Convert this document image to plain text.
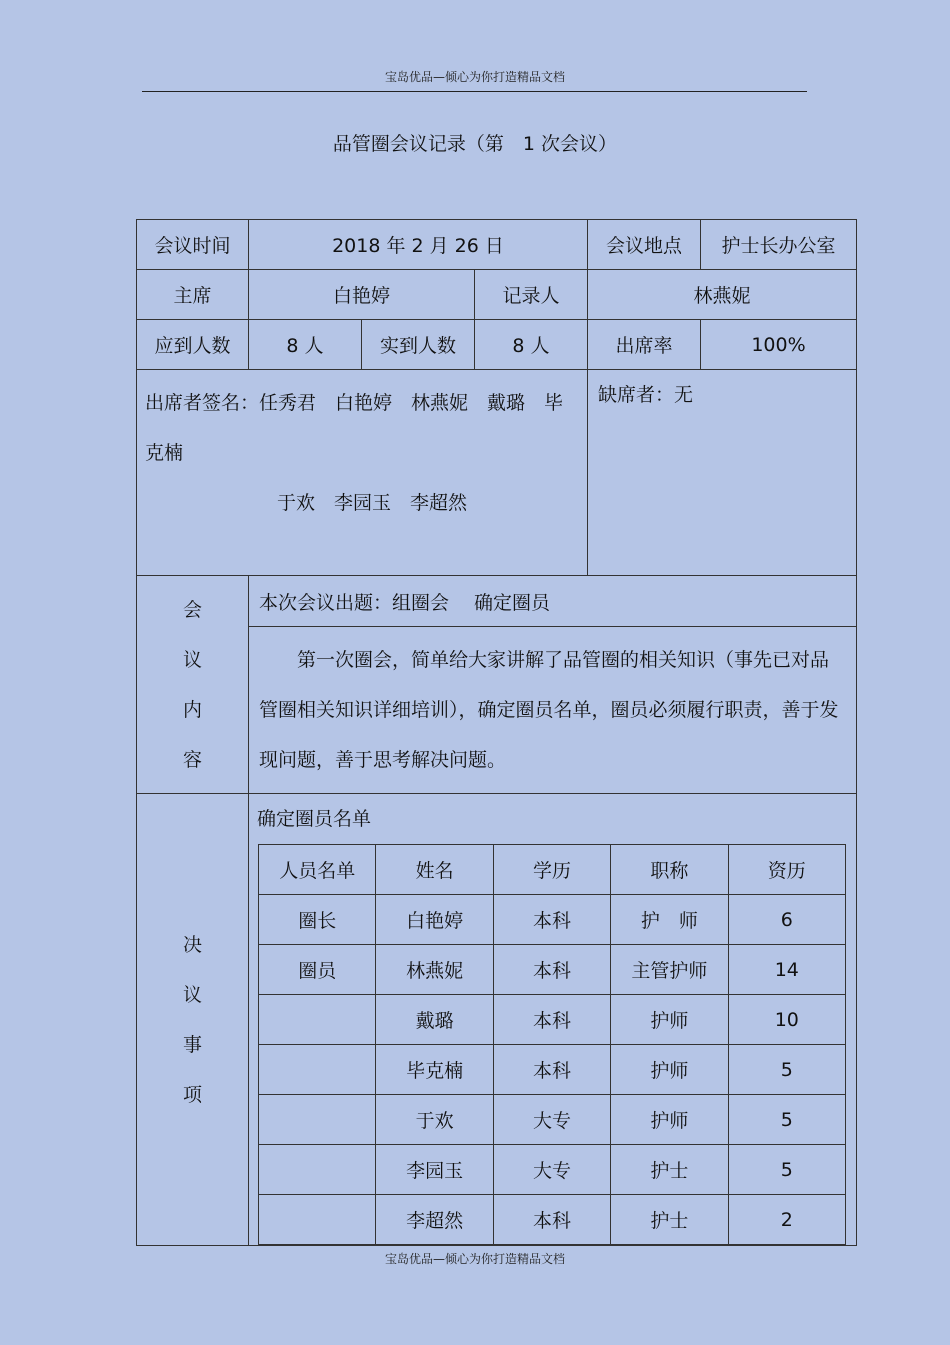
宝岛优品—倾心为你打造精品文档
品管圈会议记录（第　1 次会议）
会议时间	2018 年 2 月 26 日	会议地点	护士长办公室
主席	白艳婷	记录人	林燕妮
应到人数	8 人	实到人数	8 人	出席率	100%

出席者签名：任秀君　白艳婷　林燕妮　戴璐　毕
克楠
于欢　李园玉　李超然
	缺席者：无

会
议
内
容
	本次会议出题：组圈会　 确定圈员
第一次圈会，简单给大家讲解了品管圈的相关知识（事先已对品管圈相关知识详细培训），确定圈员名单，圈员必须履行职责，善于发现问题，善于思考解决问题。

决
议
事
项

确定圈员名单
人员名单	姓名	学历	职称	资历
圈长	白艳婷	本科	护　师	6
圈员	林燕妮	本科	主管护师	14
	戴璐	本科	护师	10
	毕克楠	本科	护师	5
	于欢	大专	护师	5
	李园玉	大专	护士	5
	李超然	本科	护士	2
宝岛优品—倾心为你打造精品文档
